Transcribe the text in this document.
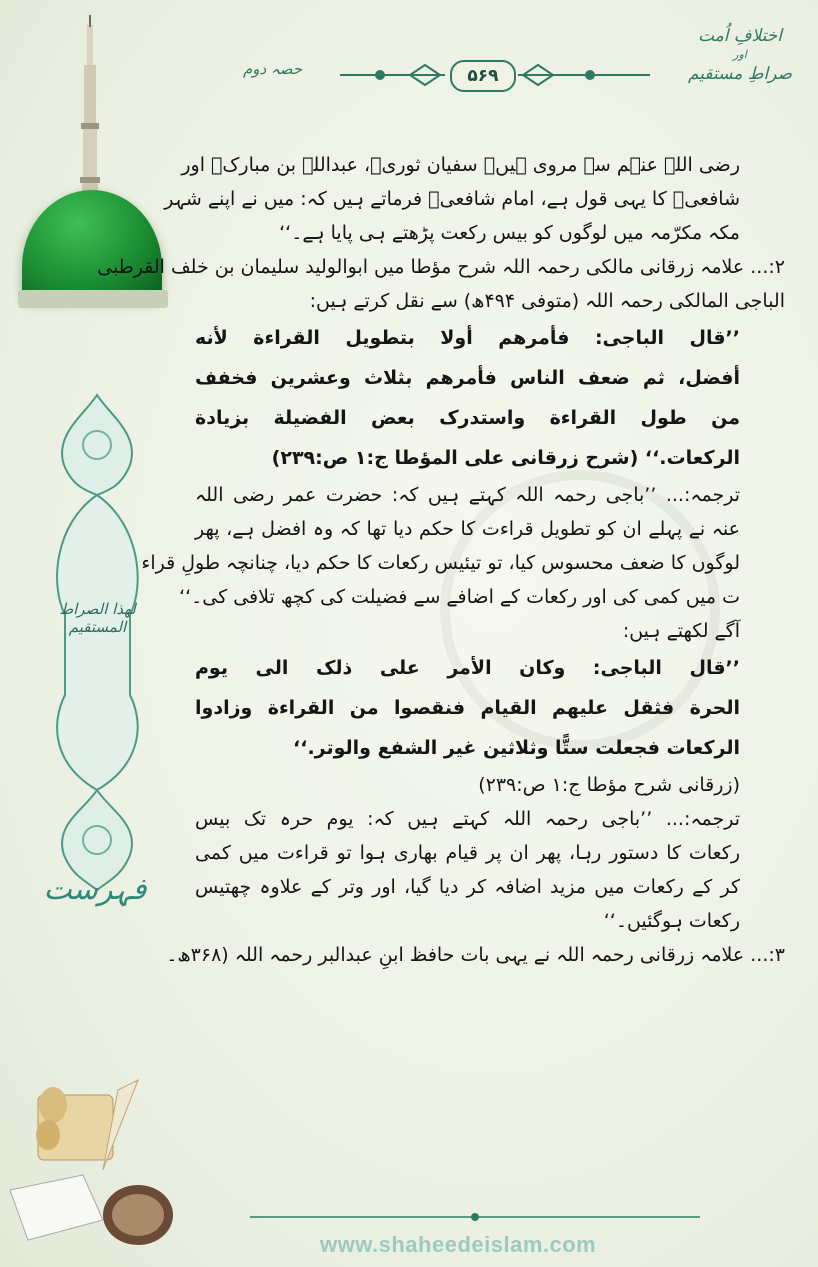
لھذا الصراط المستقیم
فہرست
اختلافِ اُمت
اور
صراطِ مستقیم
حصہ دوم	۵۶۹
رضی اللہ عنہم سے مروی ہیں۔ سفیان ثوریؒ، عبداللہ بن مبارکؒ اور
شافعیؒ کا یہی قول ہے، امام شافعیؒ فرماتے ہیں کہ: میں نے اپنے شہر
مکہ مکرّمہ میں لوگوں کو بیس رکعت پڑھتے ہی پایا ہے۔‘‘
۲:... علامہ زرقانی مالکی رحمہ اللہ شرح مؤطا میں ابوالولید سلیمان بن خلف القرطبی
الباجی المالکی رحمہ اللہ (متوفی ۴۹۴ھ) سے نقل کرتے ہیں:
’’قال الباجی: فأمرهم أولا بتطويل القراءة لأنه
أفضل، ثم ضعف الناس فأمرهم بثلاث وعشرين فخفف
من طول القراءة واستدرک بعض الفضيلة بزيادة
الركعات.‘‘ (شرح زرقانی علی المؤطا ج:۱ ص:۲۳۹)
ترجمہ:... ’’باجی رحمہ اللہ کہتے ہیں کہ: حضرت عمر رضی اللہ
عنہ نے پہلے ان کو تطویل قراءت کا حکم دیا تھا کہ وہ افضل ہے، پھر
لوگوں کا ضعف محسوس کیا، تو تیئیس رکعات کا حکم دیا، چنانچہ طولِ قراء
ت میں کمی کی اور رکعات کے اضافے سے فضیلت کی کچھ تلافی کی۔‘‘
آگے لکھتے ہیں:
’’قال الباجی: وكان الأمر على ذلک الی يوم
الحرة فثقل عليهم القيام فنقصوا من القراءة وزادوا
الركعات فجعلت ستًّا وثلاثين غير الشفع والوتر.‘‘
(زرقانی شرح مؤطا ج:۱ ص:۲۳۹)
ترجمہ:... ’’باجی رحمہ اللہ کہتے ہیں کہ: یوم حرہ تک بیس
رکعات کا دستور رہا، پھر ان پر قیام بھاری ہوا تو قراءت میں کمی
کر کے رکعات میں مزید اضافہ کر دیا گیا، اور وتر کے علاوہ چھتیس
رکعات ہوگئیں۔‘‘
۳:... علامہ زرقانی رحمہ اللہ نے یہی بات حافظ ابنِ عبدالبر رحمہ اللہ (۳۶۸ھ۔
www.shaheedeislam.com
